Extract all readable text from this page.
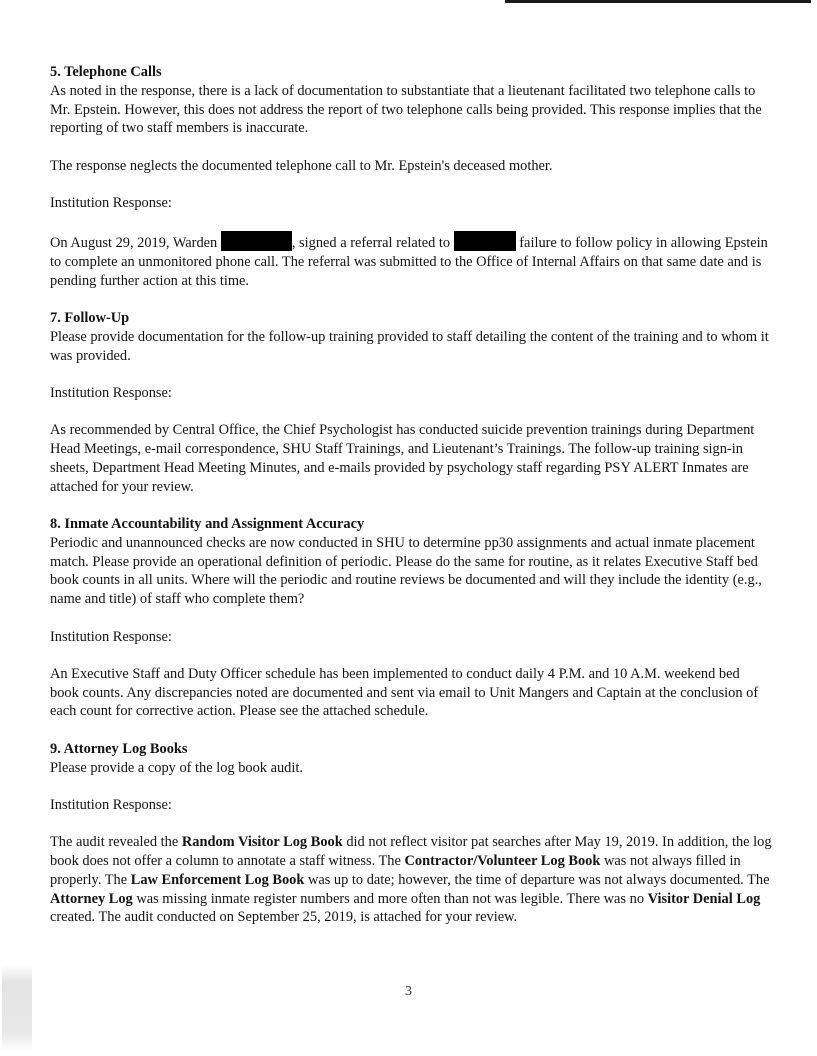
5. Telephone Calls

As noted in the response, there is a lack of documentation to substantiate that a lieutenant facilitated two telephone calls to Mr. Epstein. However, this does not address the report of two telephone calls being provided. This response implies that the reporting of two staff members is inaccurate.

The response neglects the documented telephone call to Mr. Epstein's deceased mother.

Institution Response:

On August 29, 2019, Warden	, signed a referral related to	failure to follow policy in allowing Epstein to complete an unmonitored phone call. The referral was submitted to the Office of Internal Affairs on that same date and is pending further action at this time.

7. Follow-Up

Please provide documentation for the follow-up training provided to staff detailing the content of the training and to whom it was provided.

Institution Response:

As recommended by Central Office, the Chief Psychologist has conducted suicide prevention trainings during Department Head Meetings, e-mail correspondence, SHU Staff Trainings, and Lieutenant’s Trainings. The follow-up training sign-in sheets, Department Head Meeting Minutes, and e-mails provided by psychology staff regarding PSY ALERT Inmates are attached for your review.

8. Inmate Accountability and Assignment Accuracy

Periodic and unannounced checks are now conducted in SHU to determine pp30 assignments and actual inmate placement match. Please provide an operational definition of periodic. Please do the same for routine, as it relates Executive Staff bed book counts in all units. Where will the periodic and routine reviews be documented and will they include the identity (e.g., name and title) of staff who complete them?

Institution Response:

An Executive Staff and Duty Officer schedule has been implemented to conduct daily 4 P.M. and 10 A.M. weekend bed book counts. Any discrepancies noted are documented and sent via email to Unit Mangers and Captain at the conclusion of each count for corrective action. Please see the attached schedule.

9. Attorney Log Books

Please provide a copy of the log book audit.

Institution Response:

The audit revealed the Random Visitor Log Book did not reflect visitor pat searches after May 19, 2019. In addition, the log book does not offer a column to annotate a staff witness. The Contractor/Volunteer Log Book was not always filled in properly. The Law Enforcement Log Book was up to date; however, the time of departure was not always documented. The Attorney Log was missing inmate register numbers and more often than not was legible. There was no Visitor Denial Log created. The audit conducted on September 25, 2019, is attached for your review.

3
